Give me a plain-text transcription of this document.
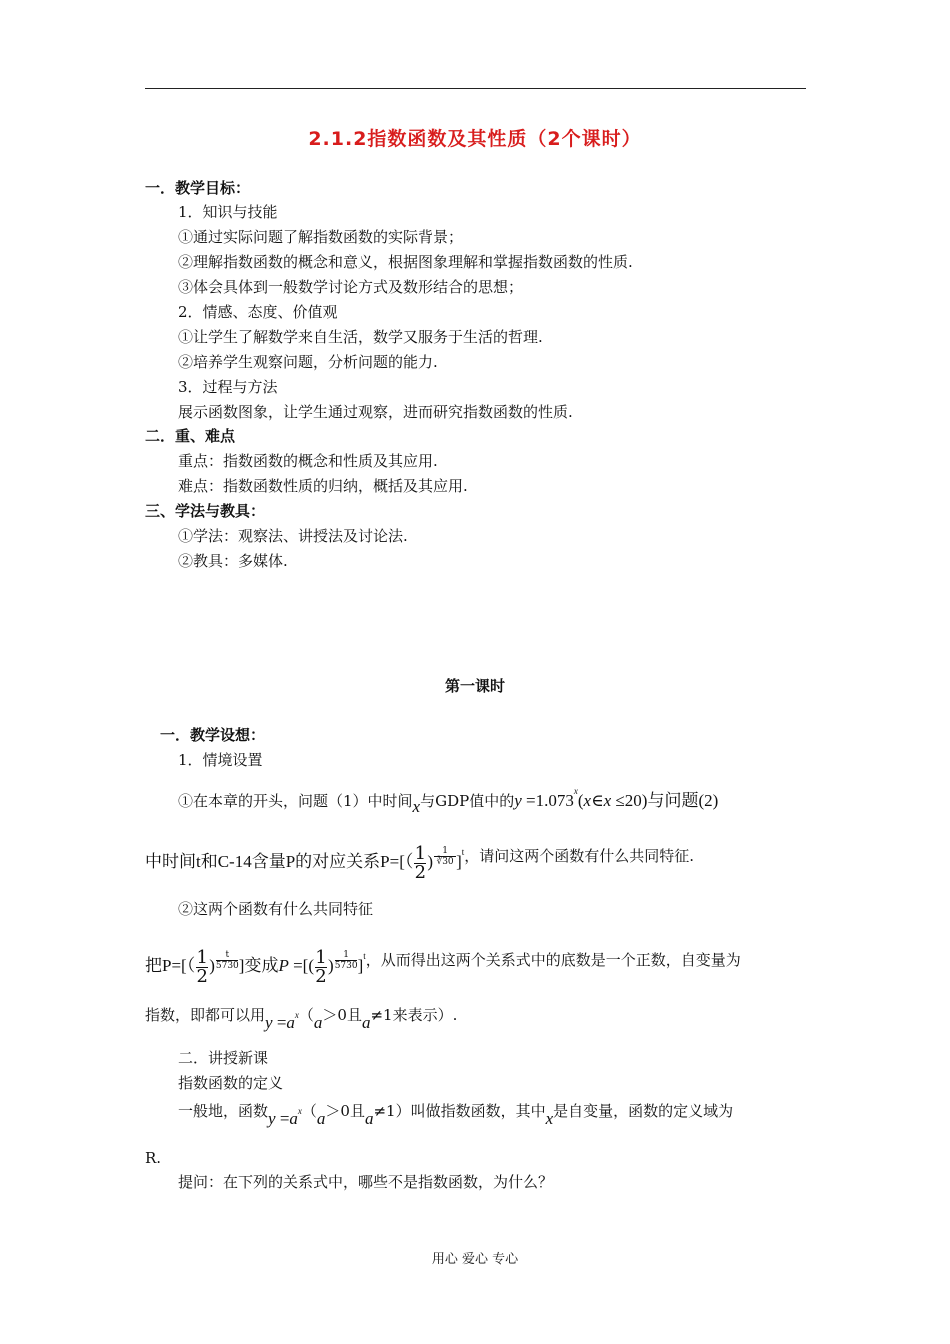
2.1.2指数函数及其性质（2个课时）
一．教学目标：
1．知识与技能
①通过实际问题了解指数函数的实际背景；
②理解指数函数的概念和意义，根据图象理解和掌握指数函数的性质.
③体会具体到一般数学讨论方式及数形结合的思想；
2．情感、态度、价值观
①让学生了解数学来自生活，数学又服务于生活的哲理.
②培养学生观察问题，分析问题的能力.
3．过程与方法
展示函数图象，让学生通过观察，进而研究指数函数的性质.
二．重、难点
重点：指数函数的概念和性质及其应用.
难点：指数函数性质的归纳，概括及其应用.
三、学法与教具：
①学法：观察法、讲授法及讨论法.
②教具：多媒体.
第一课时
一．教学设想：
1．情境设置
①在本章的开头，问题（1）中时间x与GDP值中的$y =1.073^x(x\in x \le 20)$与问题(2)
中时间t和C-14含量P的对应关系$P=[( \frac{1}{2}$ ) $\frac{1}{∛30} ]^t$，请问这两个函数有什么共同特征.
②这两个函数有什么共同特征
把$P=[( \frac{1}{2}$ ) $\frac{t}{5730}$ ]变成P =[( $\frac{1}{2}$ ) $\frac{1}{5730} ]^t$，从而得出这两个关系式中的底数是一个正数，自变量为
指数，即都可以用$y =a^x(a>0$且a≠1来表示）.
二．讲授新课
指数函数的定义
一般地，函数$y =a^x(a>0$且a≠1）叫做指数函数，其中x是自变量，函数的定义域为
R.
提问：在下列的关系式中，哪些不是指数函数，为什么？
用心 爱心 专心
